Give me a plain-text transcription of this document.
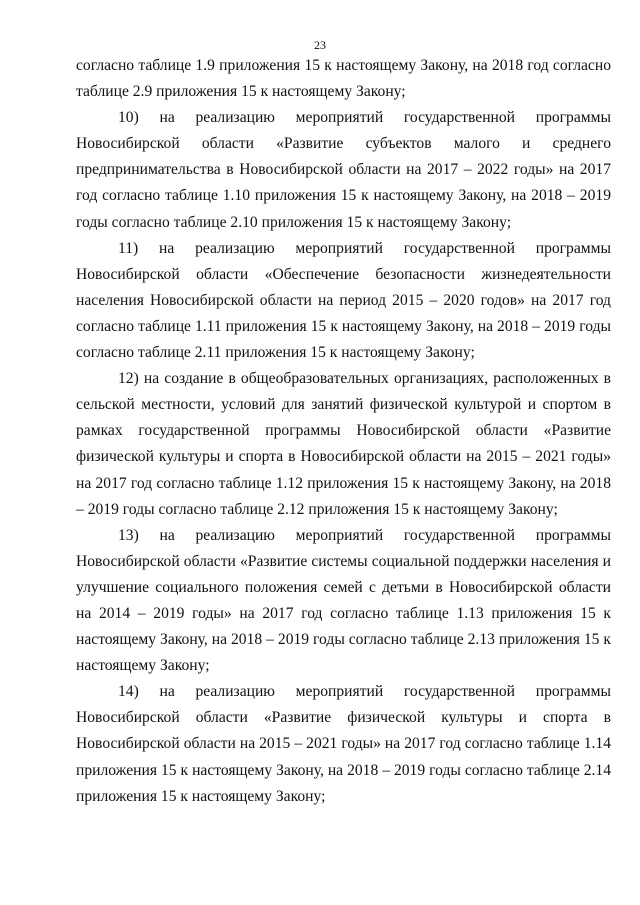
23

согласно таблице 1.9 приложения 15 к настоящему Закону, на 2018 год согласно таблице 2.9 приложения 15 к настоящему Закону;

10) на реализацию мероприятий государственной программы Новосибирской области «Развитие субъектов малого и среднего предпринимательства в Новосибирской области на 2017 – 2022 годы» на 2017 год согласно таблице 1.10 приложения 15 к настоящему Закону, на 2018 – 2019 годы согласно таблице 2.10 приложения 15 к настоящему Закону;

11) на реализацию мероприятий государственной программы Новосибирской области «Обеспечение безопасности жизнедеятельности населения Новосибирской области на период 2015 – 2020 годов» на 2017 год согласно таблице 1.11 приложения 15 к настоящему Закону, на 2018 – 2019 годы согласно таблице 2.11 приложения 15 к настоящему Закону;

12) на создание в общеобразовательных организациях, расположенных в сельской местности, условий для занятий физической культурой и спортом в рамках государственной программы Новосибирской области «Развитие физической культуры и спорта в Новосибирской области на 2015 – 2021 годы» на 2017 год согласно таблице 1.12 приложения 15 к настоящему Закону, на 2018 – 2019 годы согласно таблице 2.12 приложения 15 к настоящему Закону;

13) на реализацию мероприятий государственной программы Новосибирской области «Развитие системы социальной поддержки населения и улучшение социального положения семей с детьми в Новосибирской области на 2014 – 2019 годы» на 2017 год согласно таблице 1.13 приложения 15 к настоящему Закону, на 2018 – 2019 годы согласно таблице 2.13 приложения 15 к настоящему Закону;

14) на реализацию мероприятий государственной программы Новосибирской области «Развитие физической культуры и спорта в Новосибирской области на 2015 – 2021 годы» на 2017 год согласно таблице 1.14 приложения 15 к настоящему Закону, на 2018 – 2019 годы согласно таблице 2.14 приложения 15 к настоящему Закону;
